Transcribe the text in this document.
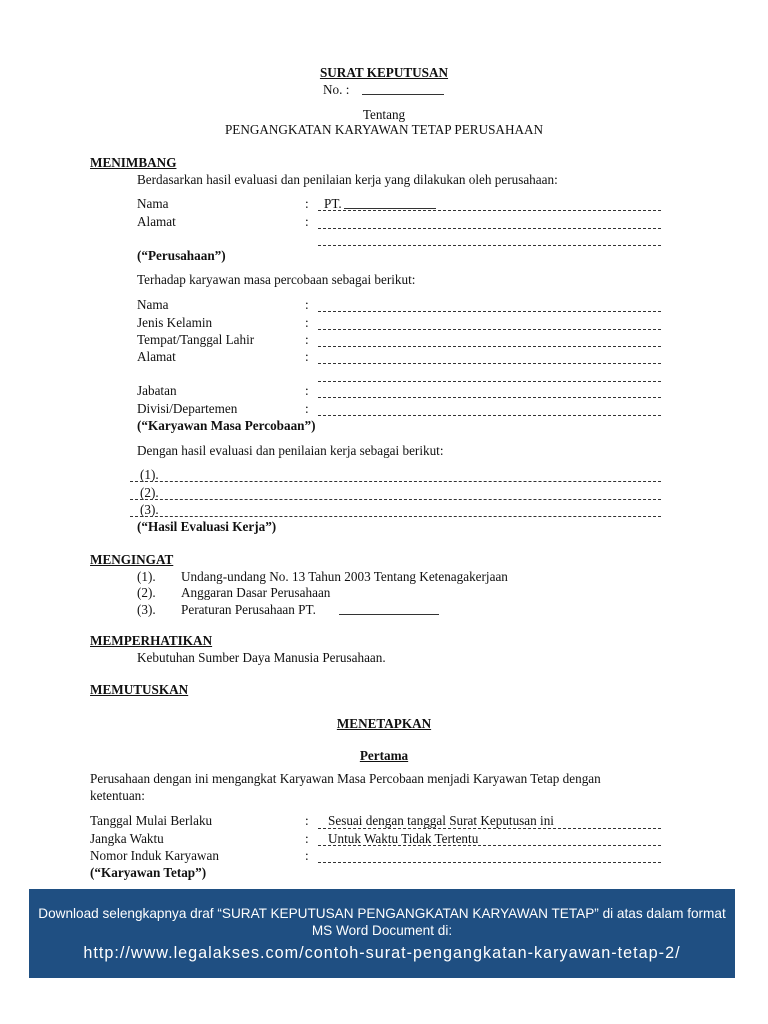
SURAT KEPUTUSAN
No. :
Tentang
PENGANGKATAN KARYAWAN TETAP PERUSAHAAN
MENIMBANG
Berdasarkan hasil evaluasi dan penilaian kerja yang dilakukan oleh perusahaan:
Nama	: PT.
Alamat	:
(“Perusahaan”)
Terhadap karyawan masa percobaan sebagai berikut:
Nama	:
Jenis Kelamin	:
Tempat/Tanggal Lahir	:
Alamat	:
Jabatan	:
Divisi/Departemen	:
(“Karyawan Masa Percobaan”)
Dengan hasil evaluasi dan penilaian kerja sebagai berikut:
(1).
(2).
(3).
(“Hasil Evaluasi Kerja”)
MENGINGAT
(1). Undang-undang No. 13 Tahun 2003 Tentang Ketenagakerjaan
(2). Anggaran Dasar Perusahaan
(3). Peraturan Perusahaan PT.
MEMPERHATIKAN
Kebutuhan Sumber Daya Manusia Perusahaan.
MEMUTUSKAN
MENETAPKAN
Pertama
Perusahaan dengan ini mengangkat Karyawan Masa Percobaan menjadi Karyawan Tetap dengan
ketentuan:
Tanggal Mulai Berlaku	: Sesuai dengan tanggal Surat Keputusan ini
Jangka Waktu	: Untuk Waktu Tidak Tertentu
Nomor Induk Karyawan	:
(“Karyawan Tetap”)
Download selengkapnya draf “SURAT KEPUTUSAN PENGANGKATAN KARYAWAN TETAP” di atas dalam format MS Word Document di:
http://www.legalakses.com/contoh-surat-pengangkatan-karyawan-tetap-2/
